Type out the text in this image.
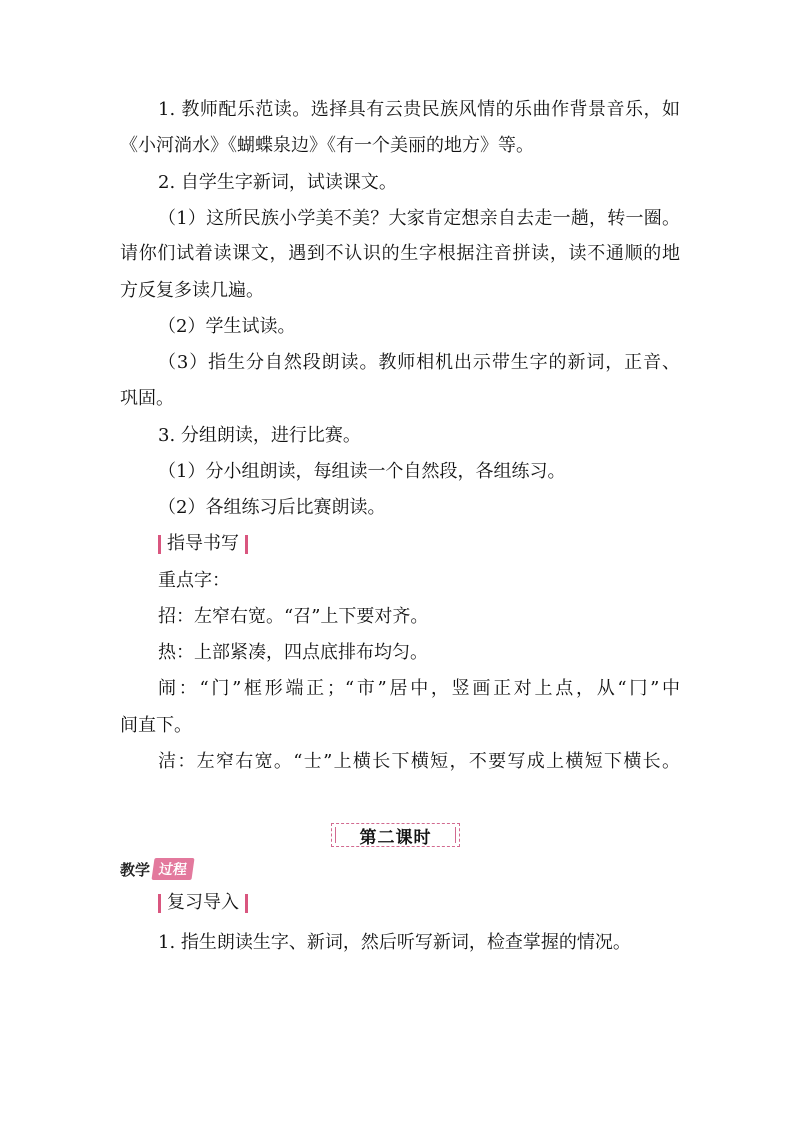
1. 教师配乐范读。选择具有云贵民族风情的乐曲作背景音乐，如
《小河淌水》《蝴蝶泉边》《有一个美丽的地方》等。
2. 自学生字新词，试读课文。
（1）这所民族小学美不美？大家肯定想亲自去走一趟，转一圈。
请你们试着读课文，遇到不认识的生字根据注音拼读，读不通顺的地
方反复多读几遍。
（2）学生试读。
（3）指生分自然段朗读。教师相机出示带生字的新词，正音、
巩固。
3. 分组朗读，进行比赛。
（1）分小组朗读，每组读一个自然段，各组练习。
（2）各组练习后比赛朗读。
重点字：
招：左窄右宽。“召”上下要对齐。
热：上部紧凑，四点底排布均匀。
闹：“门”框形端正；“市”居中，竖画正对上点，从“冂”中
间直下。
洁：左窄右宽。“士”上横长下横短，不要写成上横短下横长。
1. 指生朗读生字、新词，然后听写新词，检查掌握的情况。
指导书写
复习导入
第二课时
教学 过程
